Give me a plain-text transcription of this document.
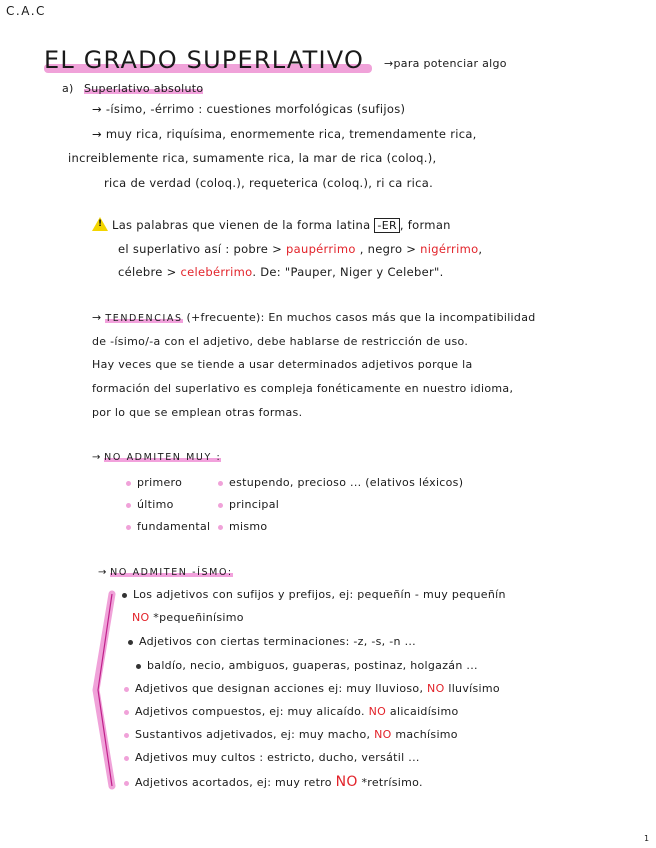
C.A.C
EL GRADO SUPERLATIVO →para potenciar algo
a) Superlativo absoluto
→ -ísimo, -érrimo : cuestiones morfológicas (sufijos)
→ muy rica, riquísima, enormemente rica, tremendamente rica,
increiblemente rica, sumamente rica, la mar de rica (coloq.),
rica de verdad (coloq.), requetericа (coloq.), ri ca rica.
!Las palabras que vienen de la forma latina -ER , forman
el superlativo así : pobre > paupérrimo , negro > nigérrimo,
célebre > celebérrimo. De: "Pauper, Niger y Celeber".
→ TENDENCIAS (+frecuente): En muchos casos más que la incompatibilidad
de -ísimo/-a con el adjetivo, debe hablarse de restricción de uso.
Hay veces que se tiende a usar determinados adjetivos porque la
formación del superlativo es compleja fonéticamente en nuestro idioma,
por lo que se emplean otras formas.
→ NO ADMITEN MUY :
primero
último
fundamental
estupendo, precioso ... (elativos léxicos)
principal
mismo
→ NO ADMITEN -ÍSMO:
Los adjetivos con sufijos y prefijos, ej: pequeñín - muy pequeñín
NO *pequeñinísimo
Adjetivos con ciertas terminaciones: -z, -s, -n ...
baldío, necio, ambiguos, guaperas, postinaz, holgazán ...
Adjetivos que designan acciones ej: muy lluvioso, NO lluvísimo
Adjetivos compuestos, ej: muy alicaído. NO alicaidísimo
Sustantivos adjetivados, ej: muy macho, NO machísimo
Adjetivos muy cultos : estricto, ducho, versátil ...
Adjetivos acortados, ej: muy retro NO *retrísimo.
1
